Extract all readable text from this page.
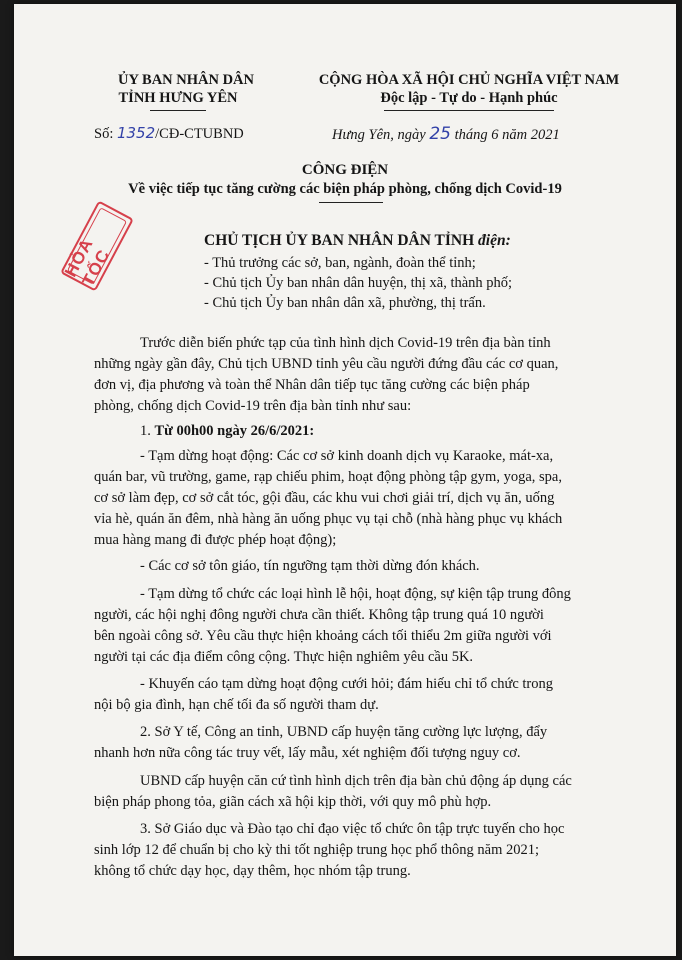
ỦY BAN NHÂN DÂN
TỈNH HƯNG YÊN
CỘNG HÒA XÃ HỘI CHỦ NGHĨA VIỆT NAM
Độc lập - Tự do - Hạnh phúc
Số: 1352/CĐ-CTUBND	Hưng Yên, ngày 25 tháng 6 năm 2021
CÔNG ĐIỆN
Về việc tiếp tục tăng cường các biện pháp phòng, chống dịch Covid-19
HỎA TỐC
CHỦ TỊCH ỦY BAN NHÂN DÂN TỈNH điện:
- Thủ trưởng các sở, ban, ngành, đoàn thể tỉnh;
- Chủ tịch Ủy ban nhân dân huyện, thị xã, thành phố;
- Chủ tịch Ủy ban nhân dân xã, phường, thị trấn.
Trước diễn biến phức tạp của tình hình dịch Covid-19 trên địa bàn tỉnh
những ngày gần đây, Chủ tịch UBND tỉnh yêu cầu người đứng đầu các cơ quan,
đơn vị, địa phương và toàn thể Nhân dân tiếp tục tăng cường các biện pháp
phòng, chống dịch Covid-19 trên địa bàn tỉnh như sau:
1. Từ 00h00 ngày 26/6/2021:
- Tạm dừng hoạt động: Các cơ sở kinh doanh dịch vụ Karaoke, mát-xa,
quán bar, vũ trường, game, rạp chiếu phim, hoạt động phòng tập gym, yoga, spa,
cơ sở làm đẹp, cơ sở cắt tóc, gội đầu, các khu vui chơi giải trí, dịch vụ ăn, uống
vỉa hè, quán ăn đêm, nhà hàng ăn uống phục vụ tại chỗ (nhà hàng phục vụ khách
mua hàng mang đi được phép hoạt động);
- Các cơ sở tôn giáo, tín ngưỡng tạm thời dừng đón khách.
- Tạm dừng tổ chức các loại hình lễ hội, hoạt động, sự kiện tập trung đông
người, các hội nghị đông người chưa cần thiết. Không tập trung quá 10 người
bên ngoài công sở. Yêu cầu thực hiện khoảng cách tối thiểu 2m giữa người với
người tại các địa điểm công cộng. Thực hiện nghiêm yêu cầu 5K.
- Khuyến cáo tạm dừng hoạt động cưới hỏi; đám hiếu chỉ tổ chức trong
nội bộ gia đình, hạn chế tối đa số người tham dự.
2. Sở Y tế, Công an tỉnh, UBND cấp huyện tăng cường lực lượng, đẩy
nhanh hơn nữa công tác truy vết, lấy mẫu, xét nghiệm đối tượng nguy cơ.
UBND cấp huyện căn cứ tình hình dịch trên địa bàn chủ động áp dụng các
biện pháp phong tỏa, giãn cách xã hội kịp thời, với quy mô phù hợp.
3. Sở Giáo dục và Đào tạo chỉ đạo việc tổ chức ôn tập trực tuyến cho học
sinh lớp 12 để chuẩn bị cho kỳ thi tốt nghiệp trung học phổ thông năm 2021;
không tổ chức dạy học, dạy thêm, học nhóm tập trung.
